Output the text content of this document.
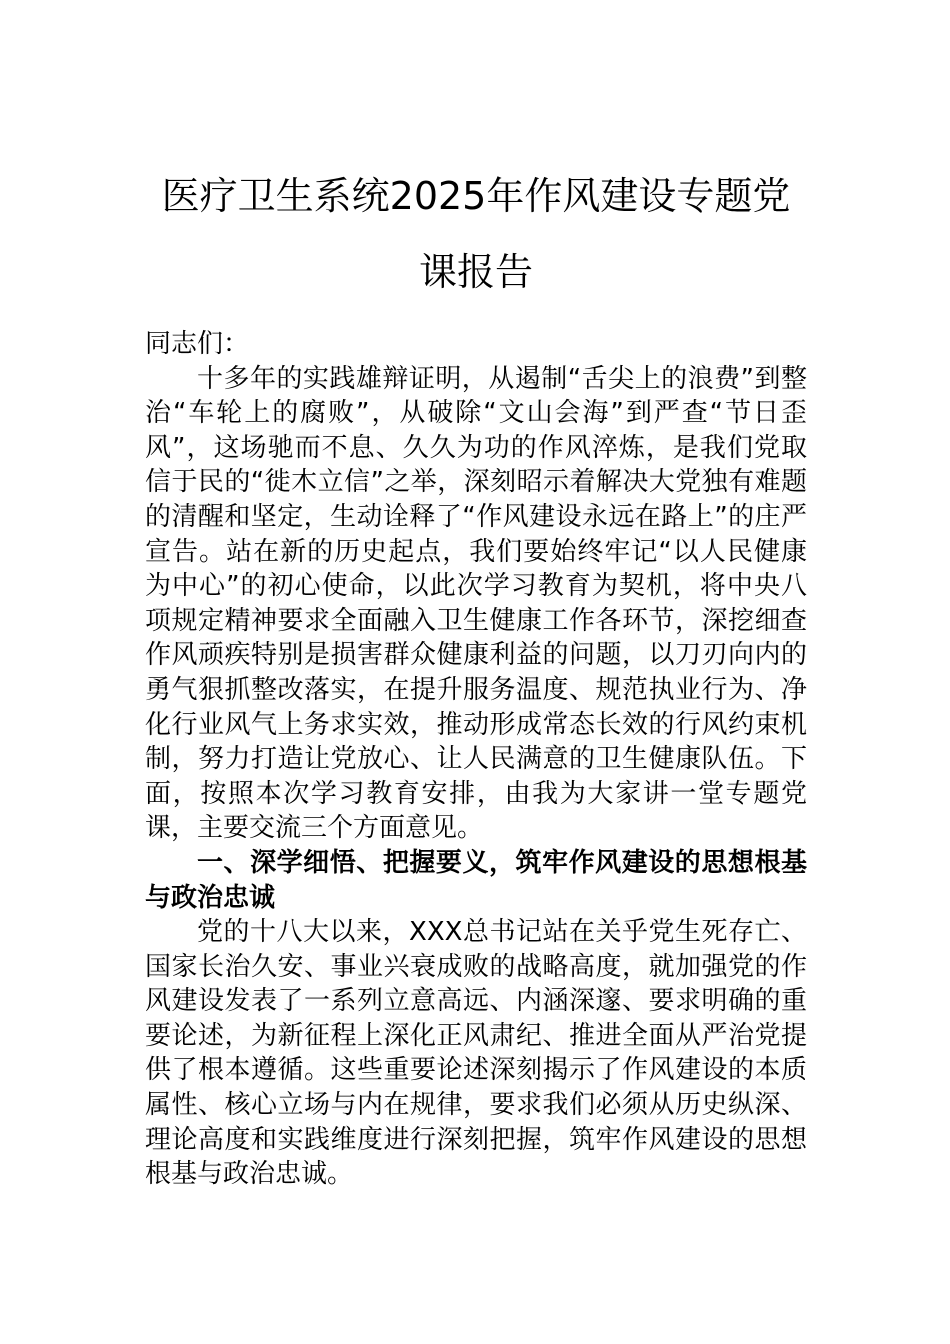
医疗卫生系统2025年作风建设专题党课报告

同志们：

十多年的实践雄辩证明，从遏制“舌尖上的浪费”到整治“车轮上的腐败”，从破除“文山会海”到严查“节日歪风”，这场驰而不息、久久为功的作风淬炼，是我们党取信于民的“徙木立信”之举，深刻昭示着解决大党独有难题的清醒和坚定，生动诠释了“作风建设永远在路上”的庄严宣告。站在新的历史起点，我们要始终牢记“以人民健康为中心”的初心使命，以此次学习教育为契机，将中央八项规定精神要求全面融入卫生健康工作各环节，深挖细查作风顽疾特别是损害群众健康利益的问题，以刀刃向内的勇气狠抓整改落实，在提升服务温度、规范执业行为、净化行业风气上务求实效，推动形成常态长效的行风约束机制，努力打造让党放心、让人民满意的卫生健康队伍。下面，按照本次学习教育安排，由我为大家讲一堂专题党课，主要交流三个方面意见。

一、深学细悟、把握要义，筑牢作风建设的思想根基与政治忠诚

党的十八大以来，XXX总书记站在关乎党生死存亡、国家长治久安、事业兴衰成败的战略高度，就加强党的作风建设发表了一系列立意高远、内涵深邃、要求明确的重要论述，为新征程上深化正风肃纪、推进全面从严治党提供了根本遵循。这些重要论述深刻揭示了作风建设的本质属性、核心立场与内在规律，要求我们必须从历史纵深、理论高度和实践维度进行深刻把握，筑牢作风建设的思想根基与政治忠诚。
